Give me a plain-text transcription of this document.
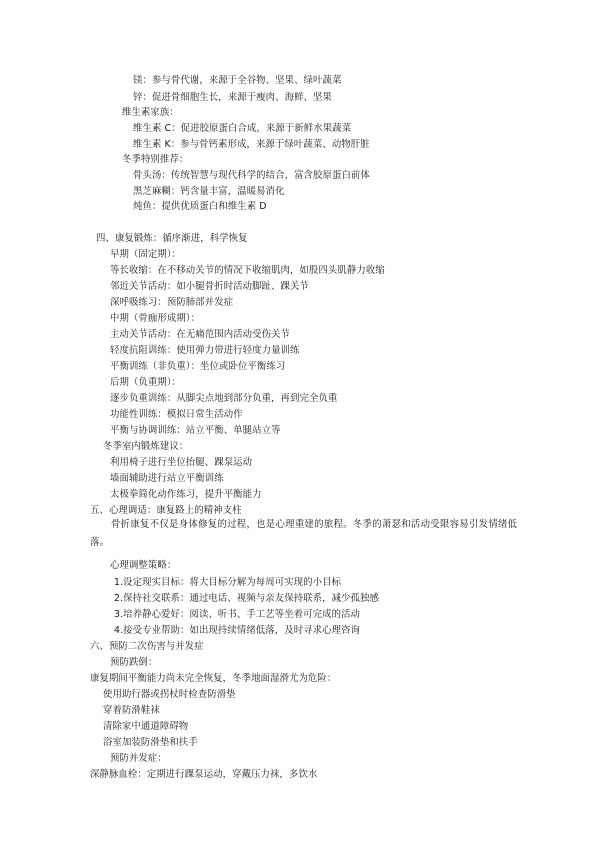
镁：参与骨代谢，来源于全谷物、坚果、绿叶蔬菜
锌：促进骨细胞生长，来源于瘦肉、海鲜、坚果
维生素家族：
维生素 C：促进胶原蛋白合成，来源于新鲜水果蔬菜
维生素 K：参与骨钙素形成，来源于绿叶蔬菜、动物肝脏
冬季特别推荐：
骨头汤：传统智慧与现代科学的结合，富含胶原蛋白前体
黑芝麻糊：钙含量丰富，温暖易消化
炖鱼：提供优质蛋白和维生素 D
四、康复锻炼：循序渐进，科学恢复
早期（固定期）：
等长收缩：在不移动关节的情况下收缩肌肉，如股四头肌静力收缩
邻近关节活动：如小腿骨折时活动脚趾、踝关节
深呼吸练习：预防肺部并发症
中期（骨痂形成期）：
主动关节活动：在无痛范围内活动受伤关节
轻度抗阻训练：使用弹力带进行轻度力量训练
平衡训练（非负重）：坐位或卧位平衡练习
后期（负重期）：
逐步负重训练：从脚尖点地到部分负重，再到完全负重
功能性训练：模拟日常生活动作
平衡与协调训练：站立平衡、单腿站立等
冬季室内锻炼建议：
利用椅子进行坐位抬腿、踝泵运动
墙面辅助进行站立平衡训练
太极拳简化动作练习，提升平衡能力
五、心理调适：康复路上的精神支柱
骨折康复不仅是身体修复的过程，也是心理重建的旅程。冬季的萧瑟和活动受限容易引发情绪低落。
心理调整策略：
1.设定现实目标：将大目标分解为每周可实现的小目标
2.保持社交联系：通过电话、视频与亲友保持联系，减少孤独感
3.培养静心爱好：阅读、听书、手工艺等坐着可完成的活动
4.接受专业帮助：如出现持续情绪低落，及时寻求心理咨询
六、预防二次伤害与并发症
预防跌倒：
康复期间平衡能力尚未完全恢复，冬季地面湿滑尤为危险：
使用助行器或拐杖时检查防滑垫
穿着防滑鞋袜
清除家中通道障碍物
浴室加装防滑垫和扶手
预防并发症：
深静脉血栓：定期进行踝泵运动，穿戴压力袜，多饮水
